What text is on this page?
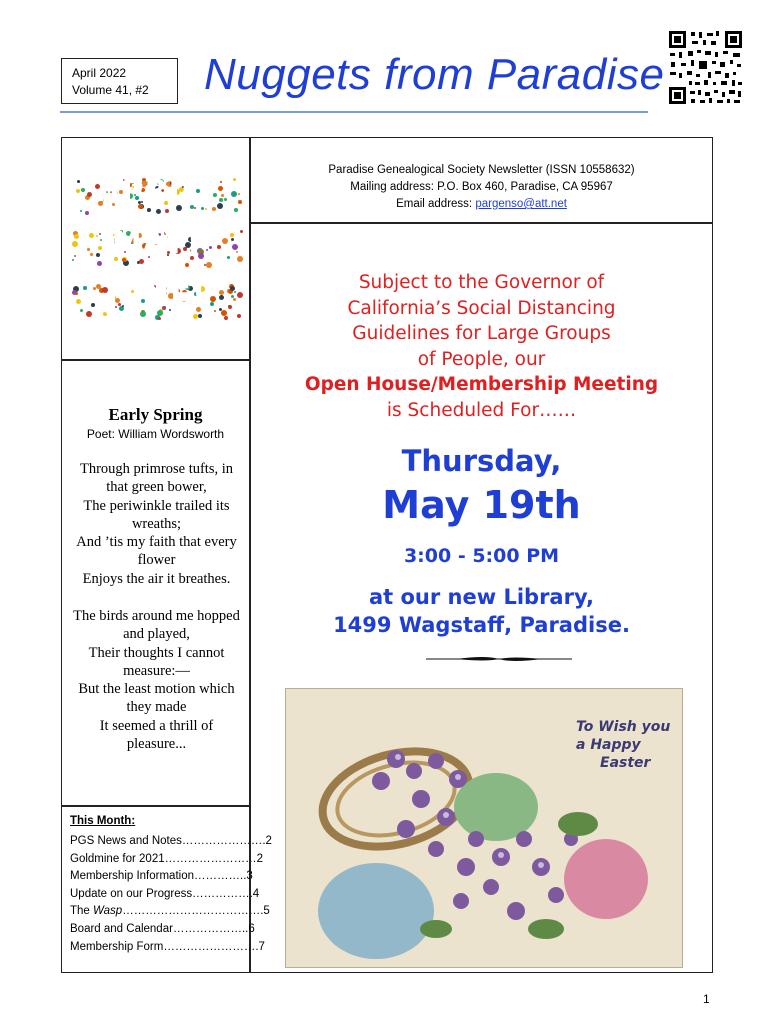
April 2022
Volume 41, #2	Nuggets from Paradise
APRIL!
MAY!
JUNE!
Paradise Genealogical Society Newsletter (ISSN 10558632)
Mailing address: P.O. Box 460, Paradise, CA 95967
Email address: pargenso@att.net
Early Spring
Poet: William Wordsworth
Through primrose tufts, in
that green bower,
The periwinkle trailed its
wreaths;
And ’tis my faith that every
flower
Enjoys the air it breathes.
The birds around me hopped
and played,
Their thoughts I cannot
measure:—
But the least motion which
they made
It seemed a thrill of
pleasure...
This Month:
PGS News and Notes………………….2
Goldmine for 2021……………………2
Membership Information…………..3
Update on our Progress…………….4
The Wasp……………………………….5
Board and Calendar………………..6
Membership Form…………………….7
Subject to the Governor of
California’s Social Distancing
Guidelines for Large Groups
of People, our
Open House/Membership Meeting
is Scheduled For……
Thursday,
May 19th
3:00 - 5:00 PM
at our new Library,
1499 Wagstaff, Paradise.
To Wish you
a Happy
Easter
1
